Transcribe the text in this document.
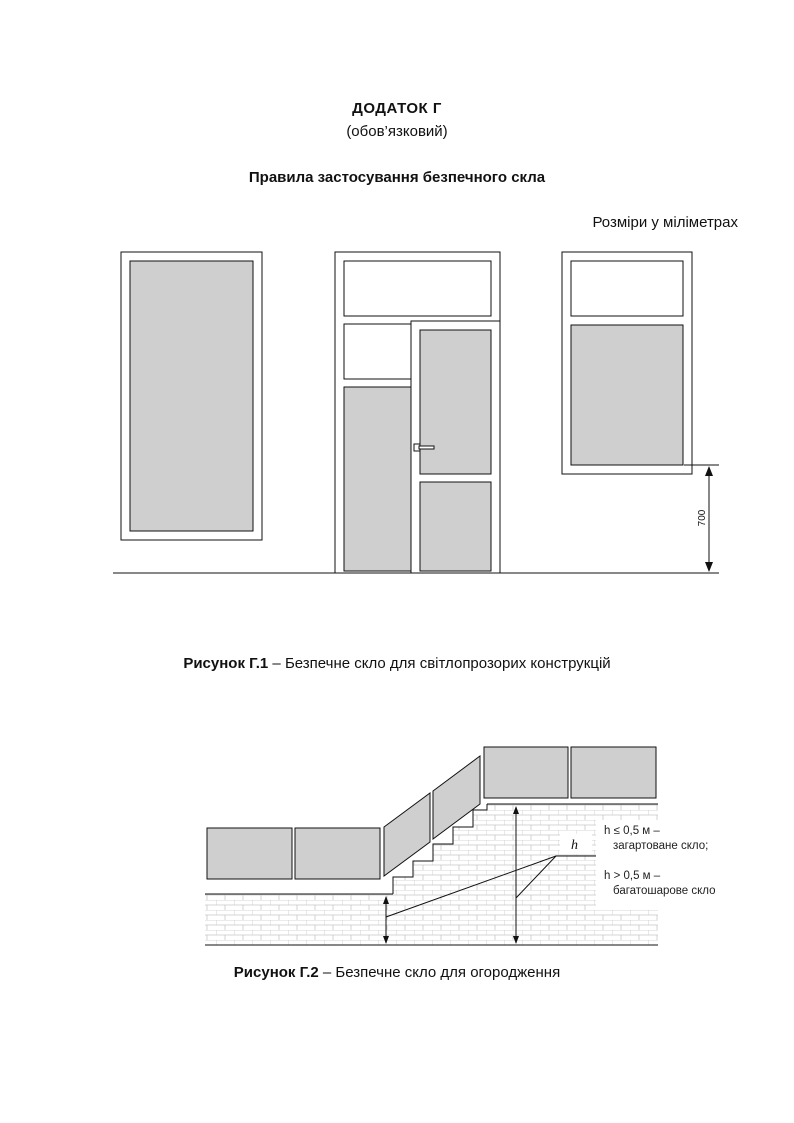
ДОДАТОК Г
(обов’язковий)
Правила застосування безпечного скла
Розміри у міліметрах
700
Рисунок Г.1 – Безпечне скло для світлопрозорих конструкцій
h
h ≤ 0,5 м –
загартоване скло;
h > 0,5 м –
багатошарове скло
Рисунок Г.2 – Безпечне скло для огородження
